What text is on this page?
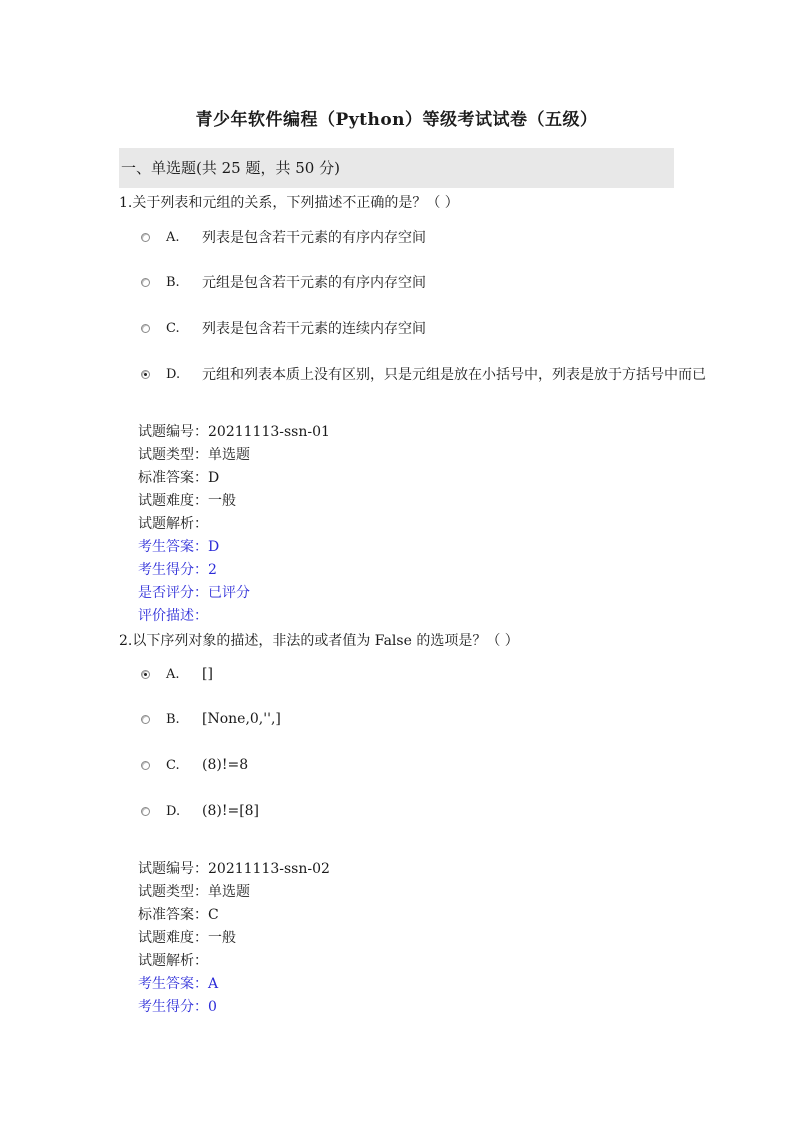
青少年软件编程（Python）等级考试试卷（五级）
一、单选题(共 25 题，共 50 分)
1.关于列表和元组的关系，下列描述不正确的是？（ ）
A.	列表是包含若干元素的有序内存空间
B.	元组是包含若干元素的有序内存空间
C.	列表是包含若干元素的连续内存空间
D.	元组和列表本质上没有区别，只是元组是放在小括号中，列表是放于方括号中而已
试题编号：20211113-ssn-01
试题类型：单选题
标准答案：D
试题难度：一般
试题解析：
考生答案：D
考生得分：2
是否评分：已评分
评价描述：
2.以下序列对象的描述，非法的或者值为 False 的选项是？（ ）
A.	[]
B.	[None,0,'',]
C.	(8)!=8
D.	(8)!=[8]
试题编号：20211113-ssn-02
试题类型：单选题
标准答案：C
试题难度：一般
试题解析：
考生答案：A
考生得分：0
